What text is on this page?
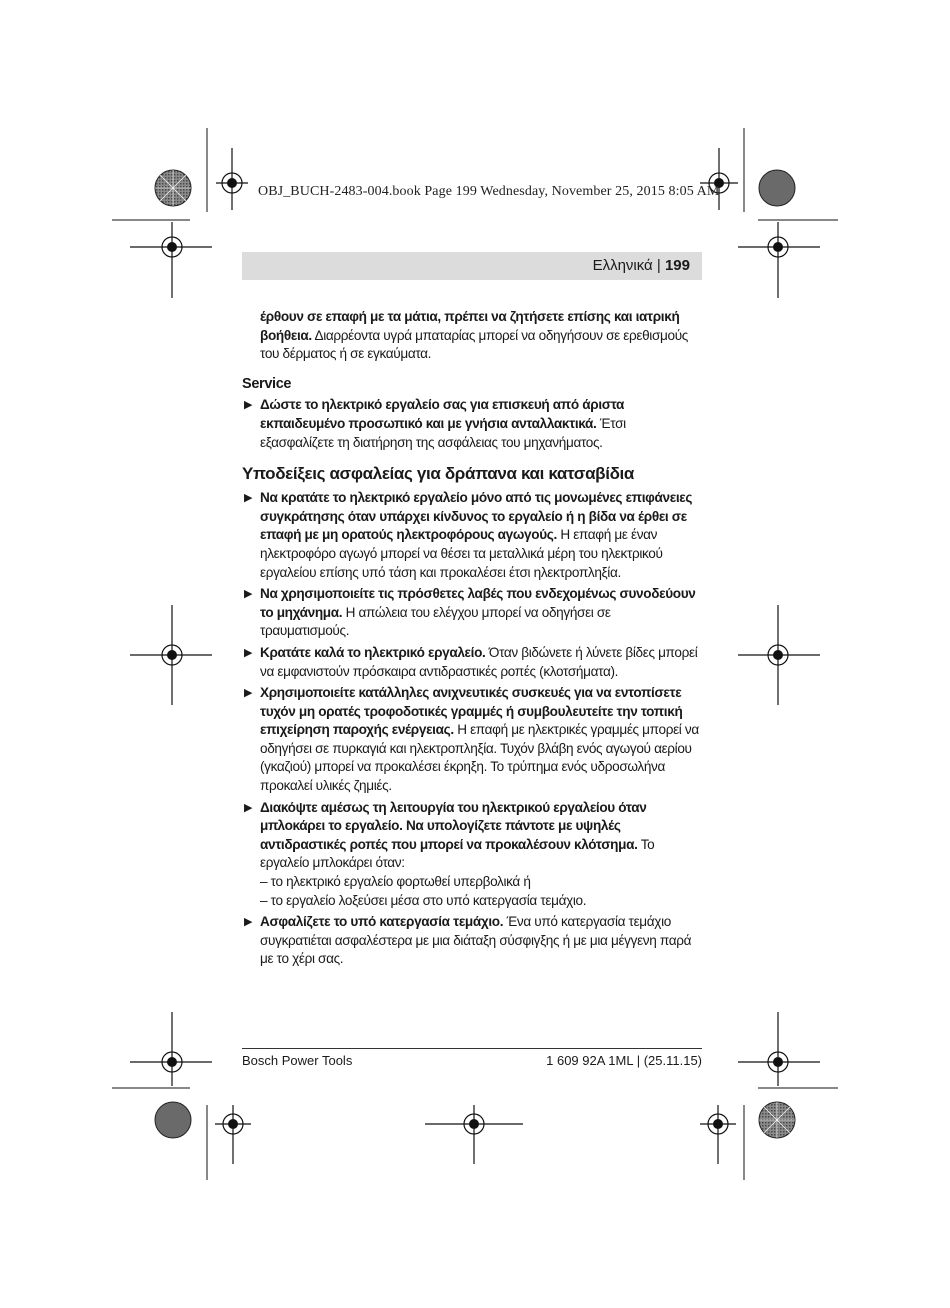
OBJ_BUCH-2483-004.book Page 199 Wednesday, November 25, 2015 8:05 AM
Ελληνικά | 199

έρθουν σε επαφή με τα μάτια, πρέπει να ζητήσετε επίσης και ιατρική βοήθεια. Διαρρέοντα υγρά μπαταρίας μπορεί να οδηγήσουν σε ερεθισμούς του δέρματος ή σε εγκαύματα.

Service

▶ Δώστε το ηλεκτρικό εργαλείο σας για επισκευή από άριστα εκπαιδευμένο προσωπικό και με γνήσια ανταλλακτικά. Έτσι εξασφαλίζετε τη διατήρηση της ασφάλειας του μηχανήματος.

Υποδείξεις ασφαλείας για δράπανα και κατσαβίδια

▶ Να κρατάτε το ηλεκτρικό εργαλείο μόνο από τις μονωμένες επιφάνειες συγκράτησης όταν υπάρχει κίνδυνος το εργαλείο ή η βίδα να έρθει σε επαφή με μη ορατούς ηλεκτροφόρους αγωγούς. Η επαφή με έναν ηλεκτροφόρο αγωγό μπορεί να θέσει τα μεταλλικά μέρη του ηλεκτρικού εργαλείου επίσης υπό τάση και προκαλέσει έτσι ηλεκτροπληξία.

▶ Να χρησιμοποιείτε τις πρόσθετες λαβές που ενδεχομένως συνοδεύουν το μηχάνημα. Η απώλεια του ελέγχου μπορεί να οδηγήσει σε τραυματισμούς.

▶ Κρατάτε καλά το ηλεκτρικό εργαλείο. Όταν βιδώνετε ή λύνετε βίδες μπορεί να εμφανιστούν πρόσκαιρα αντιδραστικές ροπές (κλοτσήματα).

▶ Χρησιμοποιείτε κατάλληλες ανιχνευτικές συσκευές για να εντοπίσετε τυχόν μη ορατές τροφοδοτικές γραμμές ή συμβουλευτείτε την τοπική επιχείρηση παροχής ενέργειας. Η επαφή με ηλεκτρικές γραμμές μπορεί να οδηγήσει σε πυρκαγιά και ηλεκτροπληξία. Τυχόν βλάβη ενός αγωγού αερίου (γκαζιού) μπορεί να προκαλέσει έκρηξη. Το τρύπημα ενός υδροσωλήνα προκαλεί υλικές ζημιές.

▶ Διακόψτε αμέσως τη λειτουργία του ηλεκτρικού εργαλείου όταν μπλοκάρει το εργαλείο. Να υπολογίζετε πάντοτε με υψηλές αντιδραστικές ροπές που μπορεί να προκαλέσουν κλότσημα. Το εργαλείο μπλοκάρει όταν:
– το ηλεκτρικό εργαλείο φορτωθεί υπερβολικά ή
– το εργαλείο λοξεύσει μέσα στο υπό κατεργασία τεμάχιο.

▶ Ασφαλίζετε το υπό κατεργασία τεμάχιο. Ένα υπό κατεργασία τεμάχιο συγκρατιέται ασφαλέστερα με μια διάταξη σύσφιγξης ή με μια μέγγενη παρά με το χέρι σας.

Bosch Power Tools	1 609 92A 1ML | (25.11.15)
